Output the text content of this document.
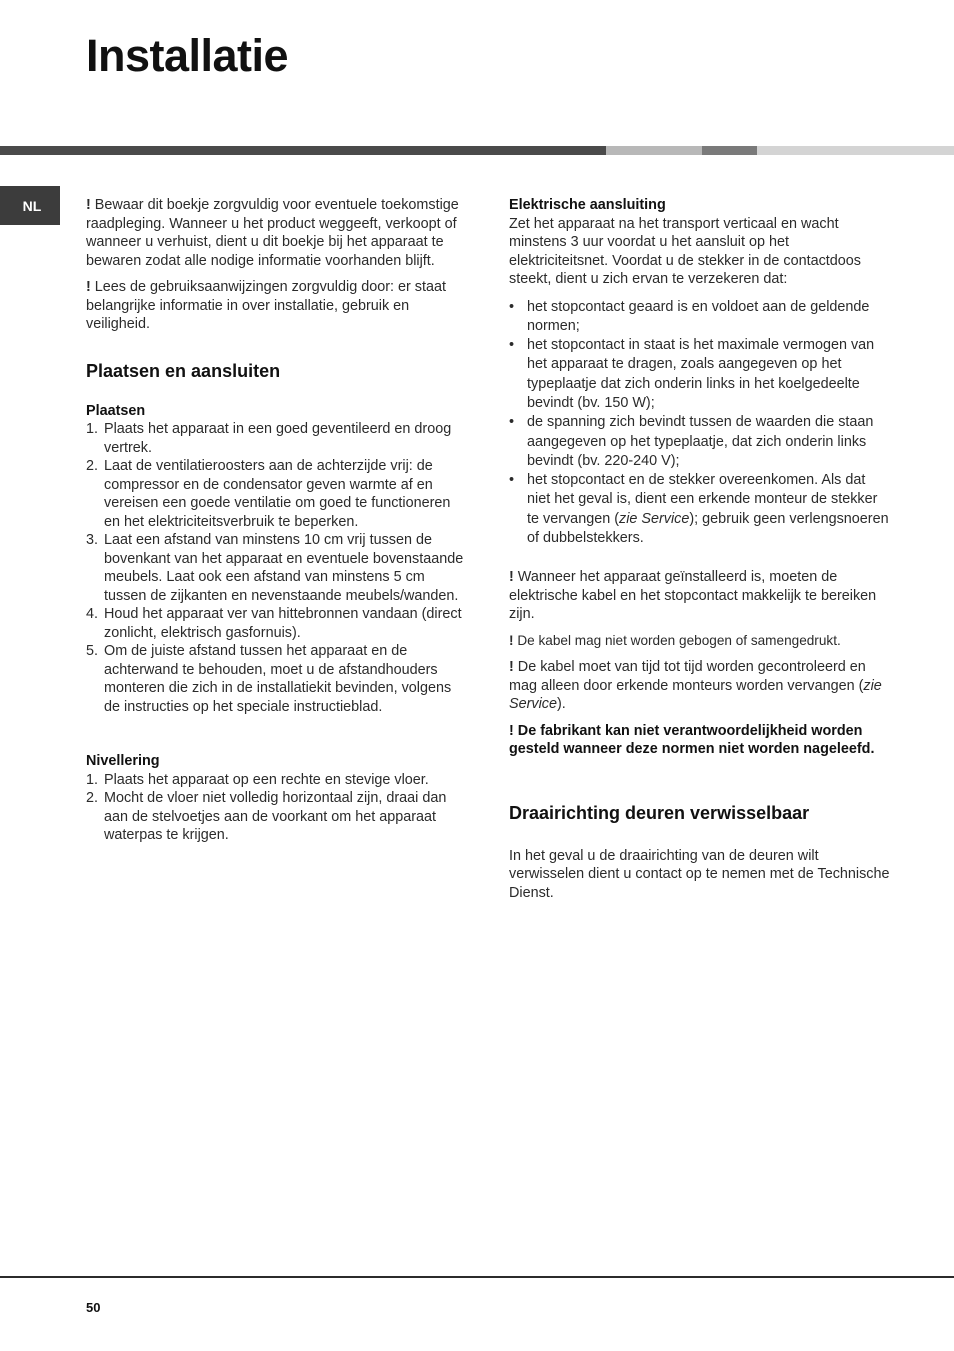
Installatie
NL	! Bewaar dit boekje zorgvuldig voor eventuele toekomstige raadpleging. Wanneer u het product weggeeft, verkoopt of wanneer u verhuist, dient u dit boekje bij het apparaat te bewaren zodat alle nodige informatie voorhanden blijft.

! Lees de gebruiksaanwijzingen zorgvuldig door: er staat belangrijke informatie in over installatie, gebruik en veiligheid.

Plaatsen en aansluiten
Plaatsen
1. Plaats het apparaat in een goed geventileerd en droog vertrek.
2. Laat de ventilatieroosters aan de achterzijde vrij: de compressor en de condensator geven warmte af en vereisen een goede ventilatie om goed te functioneren en het elektriciteitsverbruik te beperken.
3. Laat een afstand van minstens 10 cm vrij tussen de bovenkant van het apparaat en eventuele bovenstaande meubels. Laat ook een afstand van minstens 5 cm tussen de zijkanten en nevenstaande meubels/wanden.
4. Houd het apparaat ver van hittebronnen vandaan (direct zonlicht, elektrisch gasfornuis).
5. Om de juiste afstand tussen het apparaat en de achterwand te behouden, moet u de afstandhouders monteren die zich in de installatiekit bevinden, volgens de instructies op het speciale instructieblad.
Nivellering
1. Plaats het apparaat op een rechte en stevige vloer.
2. Mocht de vloer niet volledig horizontaal zijn, draai dan aan de stelvoetjes aan de voorkant om het apparaat waterpas te krijgen.
Elektrische aansluiting

Zet het apparaat na het transport verticaal en wacht minstens 3 uur voordat u het aansluit op het elektriciteitsnet. Voordat u de stekker in de contactdoos steekt, dient u zich ervan te verzekeren dat:

• het stopcontact geaard is en voldoet aan de geldende normen;
• het stopcontact in staat is het maximale vermogen van het apparaat te dragen, zoals aangegeven op het typeplaatje dat zich onderin links in het koelgedeelte bevindt (bv. 150 W);
• de spanning zich bevindt tussen de waarden die staan aangegeven op het typeplaatje, dat zich onderin links bevindt (bv. 220-240 V);
• het stopcontact en de stekker overeenkomen. Als dat niet het geval is, dient een erkende monteur de stekker te vervangen (zie Service); gebruik geen verlengsnoeren of dubbelstekkers.

! Wanneer het apparaat geïnstalleerd is, moeten de elektrische kabel en het stopcontact makkelijk te bereiken zijn.

! De kabel mag niet worden gebogen of samengedrukt.

! De kabel moet van tijd tot tijd worden gecontroleerd en mag alleen door erkende monteurs worden vervangen (zie Service).

! De fabrikant kan niet verantwoordelijkheid worden gesteld wanneer deze normen niet worden nageleefd.

Draairichting deuren verwisselbaar

In het geval u de draairichting van de deuren wilt verwisselen dient u contact op te nemen met de Technische Dienst.

50
